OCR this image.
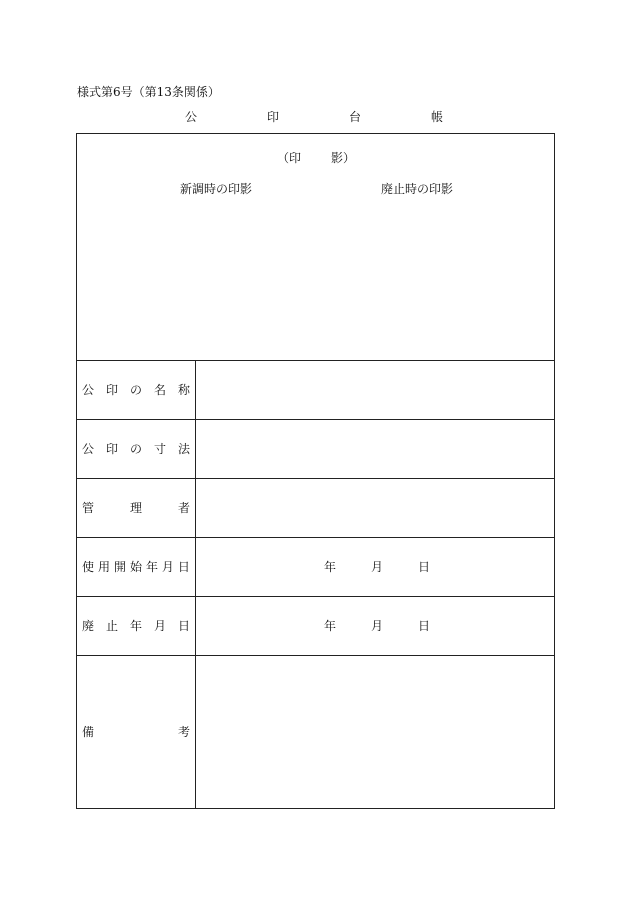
様式第6号（第13条関係）
公	印	台	帳
（印 影）
新調時の印影	廃止時の印影
公 印 の 名 称
公 印 の 寸 法
管	理	者
使 用 開 始 年 月 日	年	月	日
廃 止 年 月 日	年	月	日
備	考
